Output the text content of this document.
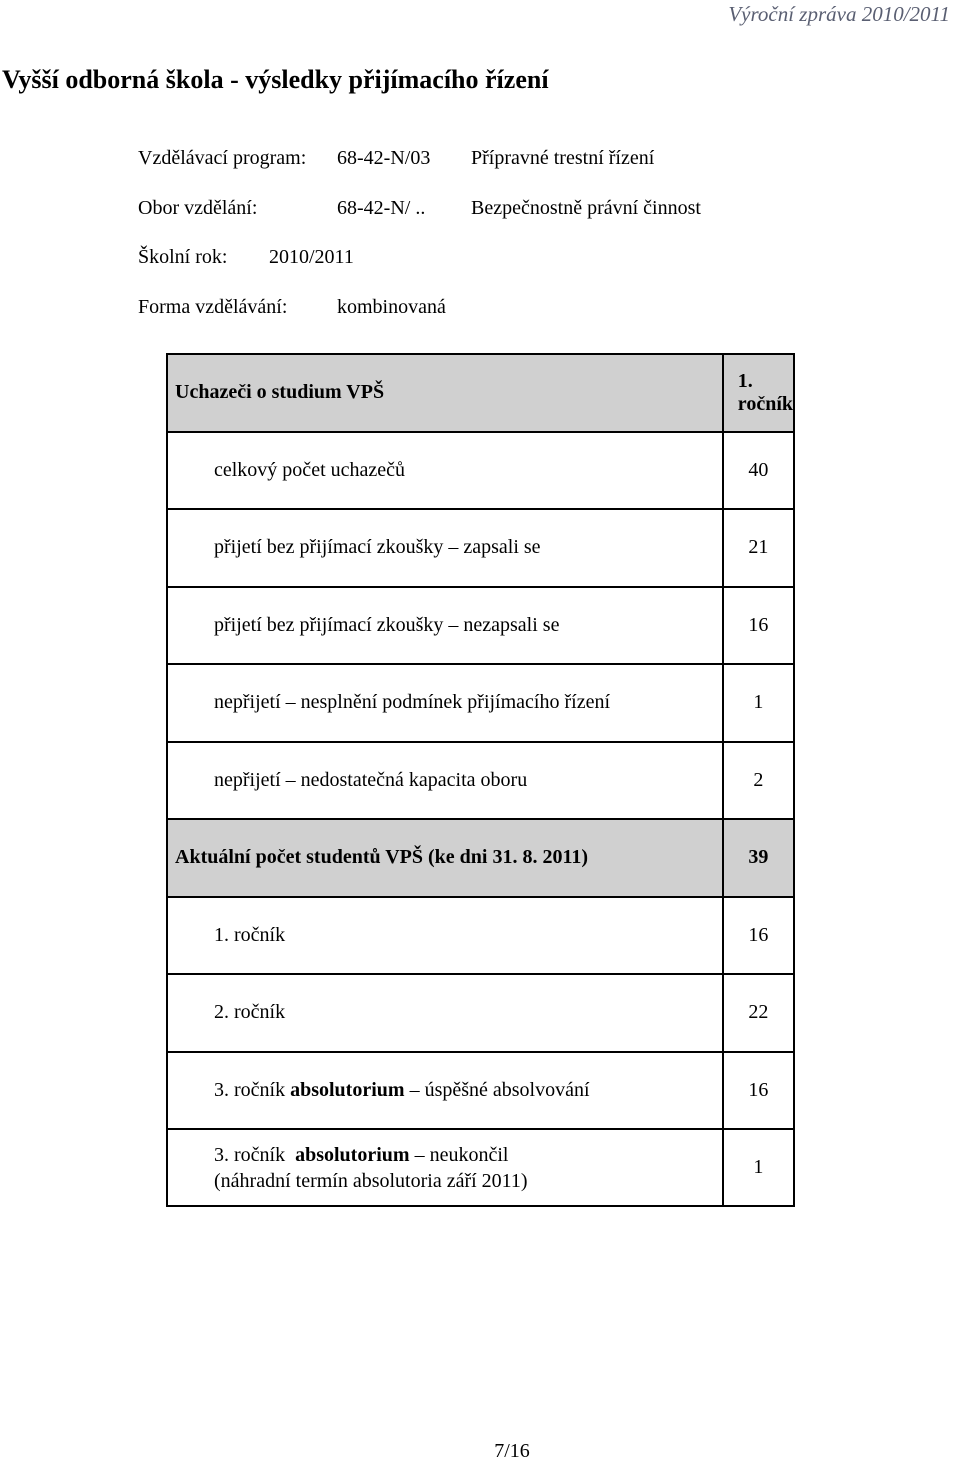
Výroční zpráva 2010/2011
Vyšší odborná škola - výsledky přijímacího řízení
Vzdělávací program: 68-42-N/03 Přípravné trestní řízení
Obor vzdělání:	68-42-N/ .. Bezpečnostně právní činnost
Školní rok: 2010/2011
Forma vzdělávání: kombinovaná
Uchazeči o studium VPŠ	1. ročník
celkový počet uchazečů	40
přijetí bez přijímací zkoušky – zapsali se	21
přijetí bez přijímací zkoušky – nezapsali se	16
nepřijetí – nesplnění podmínek přijímacího řízení	1
nepřijetí – nedostatečná kapacita oboru	2
Aktuální počet studentů VPŠ (ke dni 31. 8. 2011)	39
1. ročník	16
2. ročník	22
3. ročník absolutorium – úspěšné absolvování	16

3. ročník absolutorium – neukončil
(náhradní termín absolutoria září 2011)	1
7/16
